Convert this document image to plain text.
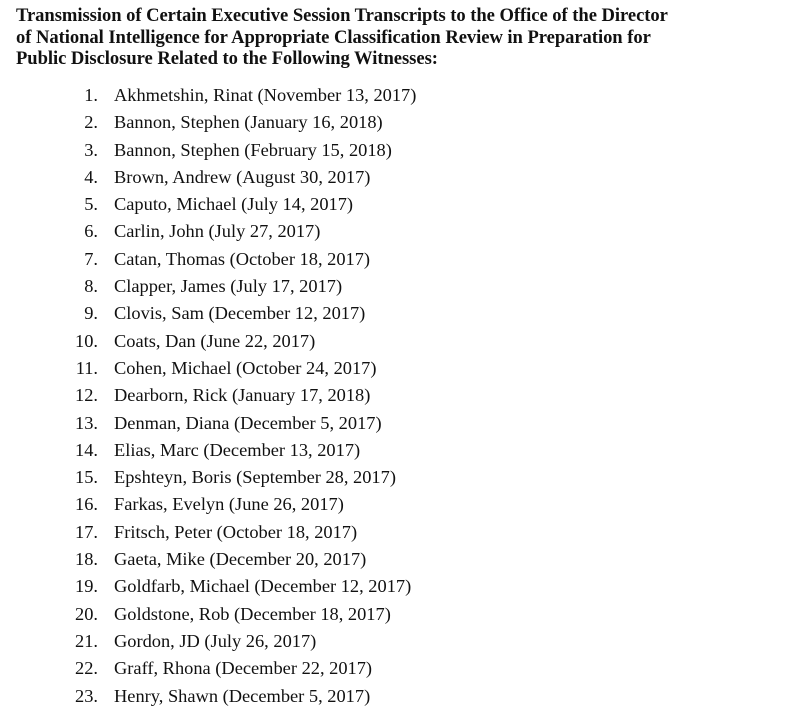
Transmission of Certain Executive Session Transcripts to the Office of the Director
of National Intelligence for Appropriate Classification Review in Preparation for
Public Disclosure Related to the Following Witnesses:
1. Akhmetshin, Rinat (November 13, 2017)
2. Bannon, Stephen (January 16, 2018)
3. Bannon, Stephen (February 15, 2018)
4. Brown, Andrew (August 30, 2017)
5. Caputo, Michael (July 14, 2017)
6. Carlin, John (July 27, 2017)
7. Catan, Thomas (October 18, 2017)
8. Clapper, James (July 17, 2017)
9. Clovis, Sam (December 12, 2017)
10. Coats, Dan (June 22, 2017)
11. Cohen, Michael (October 24, 2017)
12. Dearborn, Rick (January 17, 2018)
13. Denman, Diana (December 5, 2017)
14. Elias, Marc (December 13, 2017)
15. Epshteyn, Boris (September 28, 2017)
16. Farkas, Evelyn (June 26, 2017)
17. Fritsch, Peter (October 18, 2017)
18. Gaeta, Mike (December 20, 2017)
19. Goldfarb, Michael (December 12, 2017)
20. Goldstone, Rob (December 18, 2017)
21. Gordon, JD (July 26, 2017)
22. Graff, Rhona (December 22, 2017)
23. Henry, Shawn (December 5, 2017)
